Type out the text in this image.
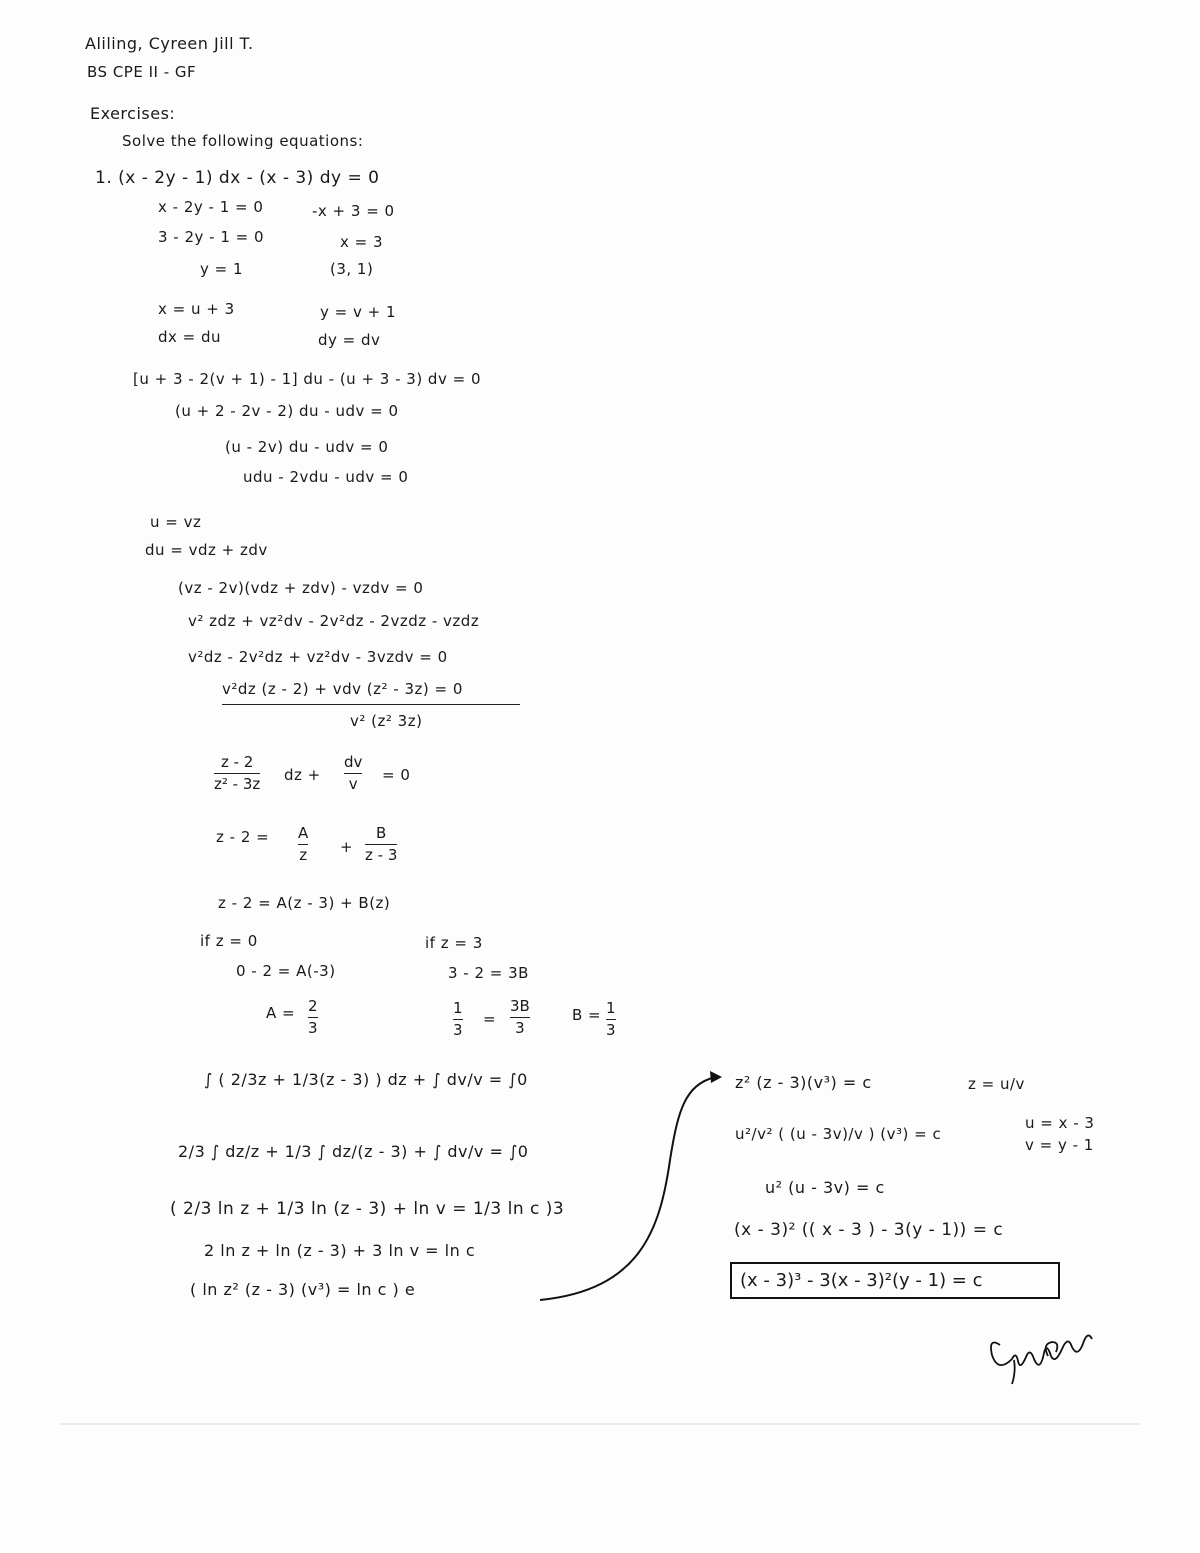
Aliling, Cyreen Jill T.
BS CPE II - GF
Exercises:
Solve the following equations:
1. (x - 2y - 1) dx - (x - 3) dy = 0
x - 2y - 1 = 0	-x + 3 = 0
3 - 2y - 1 = 0	x = 3
y = 1	(3, 1)
x = u + 3	y = v + 1
dx = du	dy = dv
[u + 3 - 2(v + 1) - 1] du - (u + 3 - 3) dv = 0
(u + 2 - 2v - 2) du - udv = 0
(u - 2v) du - udv = 0
udu - 2vdu - udv = 0
u = vz
du = vdz + zdv
(vz - 2v)(vdz + zdv) - vzdv = 0
v² zdz + vz²dv - 2v²dz - 2vzdz - vzdz
v²dz - 2v²dz + vz²dv - 3vzdv = 0
v²dz (z - 2) + vdv (z² - 3z) = 0
v² (z² 3z)
z - 2
z² - 3z dz +
dv
v = 0
z - 2 = A
z +
B
z - 3
z - 2 = A(z - 3) + B(z)
if z = 0	if z = 3
0 - 2 = A(-3)	3 - 2 = 3B
A = 2
3
1
3
=
3B
3
B = 1
3
∫ ( 2/3z + 1/3(z - 3) ) dz + ∫ dv/v = ∫0
2/3 ∫ dz/z + 1/3 ∫ dz/(z - 3) + ∫ dv/v = ∫0
( 2/3 ln z + 1/3 ln (z - 3) + ln v = 1/3 ln c )3
2 ln z + ln (z - 3) + 3 ln v = ln c
( ln z² (z - 3) (v³) = ln c ) e
z² (z - 3)(v³) = c	z = u/v
u²/v² ( (u - 3v)/v ) (v³) = c
u = x - 3
v = y - 1
u² (u - 3v) = c
(x - 3)² (( x - 3 ) - 3(y - 1)) = c
(x - 3)³ - 3(x - 3)²(y - 1) = c
